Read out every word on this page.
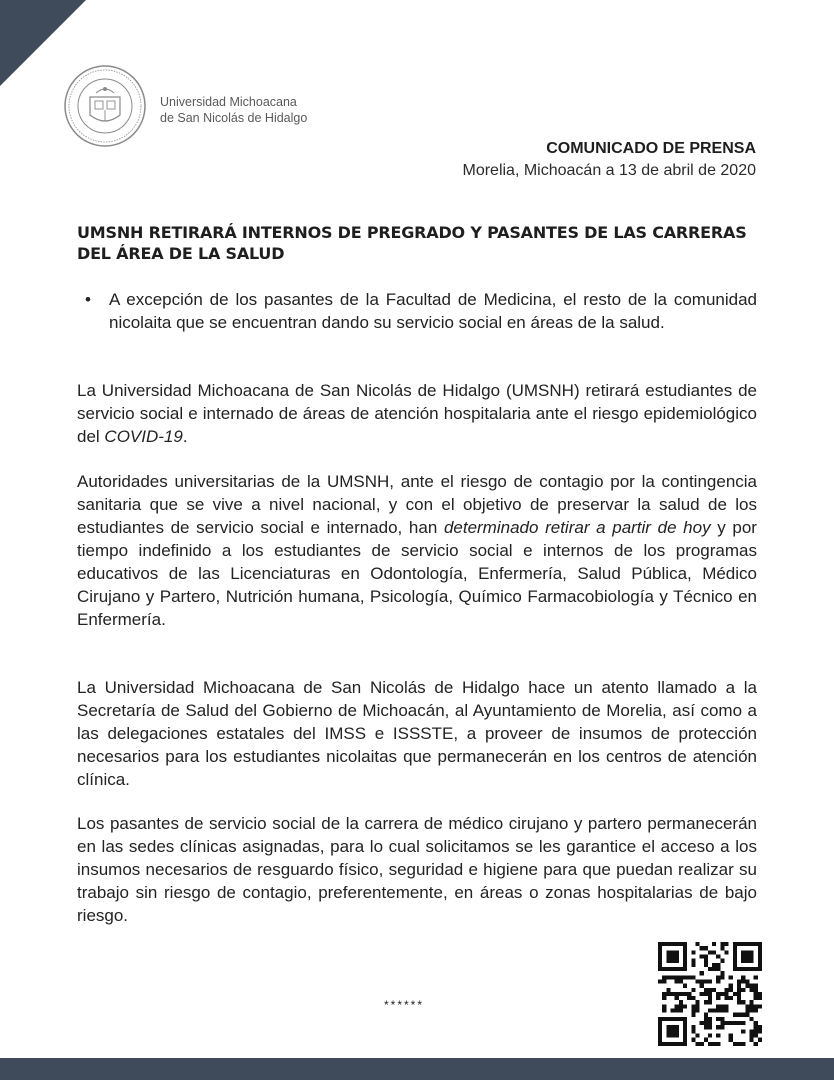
Universidad Michoacana
de San Nicolás de Hidalgo
COMUNICADO DE PRENSA
Morelia, Michoacán a 13 de abril de 2020
UMSNH RETIRARÁ INTERNOS DE PREGRADO Y PASANTES DE LAS CARRERAS DEL ÁREA DE LA SALUD
• A excepción de los pasantes de la Facultad de Medicina, el resto de la comunidad nicolaita que se encuentran dando su servicio social en áreas de la salud.

La Universidad Michoacana de San Nicolás de Hidalgo (UMSNH) retirará estudiantes de servicio social e internado de áreas de atención hospitalaria ante el riesgo epidemiológico del COVID-19.

Autoridades universitarias de la UMSNH, ante el riesgo de contagio por la contingencia sanitaria que se vive a nivel nacional, y con el objetivo de preservar la salud de los estudiantes de servicio social e internado, han determinado retirar a partir de hoy y por tiempo indefinido a los estudiantes de servicio social e internos de los programas educativos de las Licenciaturas en Odontología, Enfermería, Salud Pública, Médico Cirujano y Partero, Nutrición humana, Psicología, Químico Farmacobiología y Técnico en Enfermería.

La Universidad Michoacana de San Nicolás de Hidalgo hace un atento llamado a la Secretaría de Salud del Gobierno de Michoacán, al Ayuntamiento de Morelia, así como a las delegaciones estatales del IMSS e ISSSTE, a proveer de insumos de protección necesarios para los estudiantes nicolaitas que permanecerán en los centros de atención clínica.

Los pasantes de servicio social de la carrera de médico cirujano y partero permanecerán en las sedes clínicas asignadas, para lo cual solicitamos se les garantice el acceso a los insumos necesarios de resguardo físico, seguridad e higiene para que puedan realizar su trabajo sin riesgo de contagio, preferentemente, en áreas o zonas hospitalarias de bajo riesgo.

******
